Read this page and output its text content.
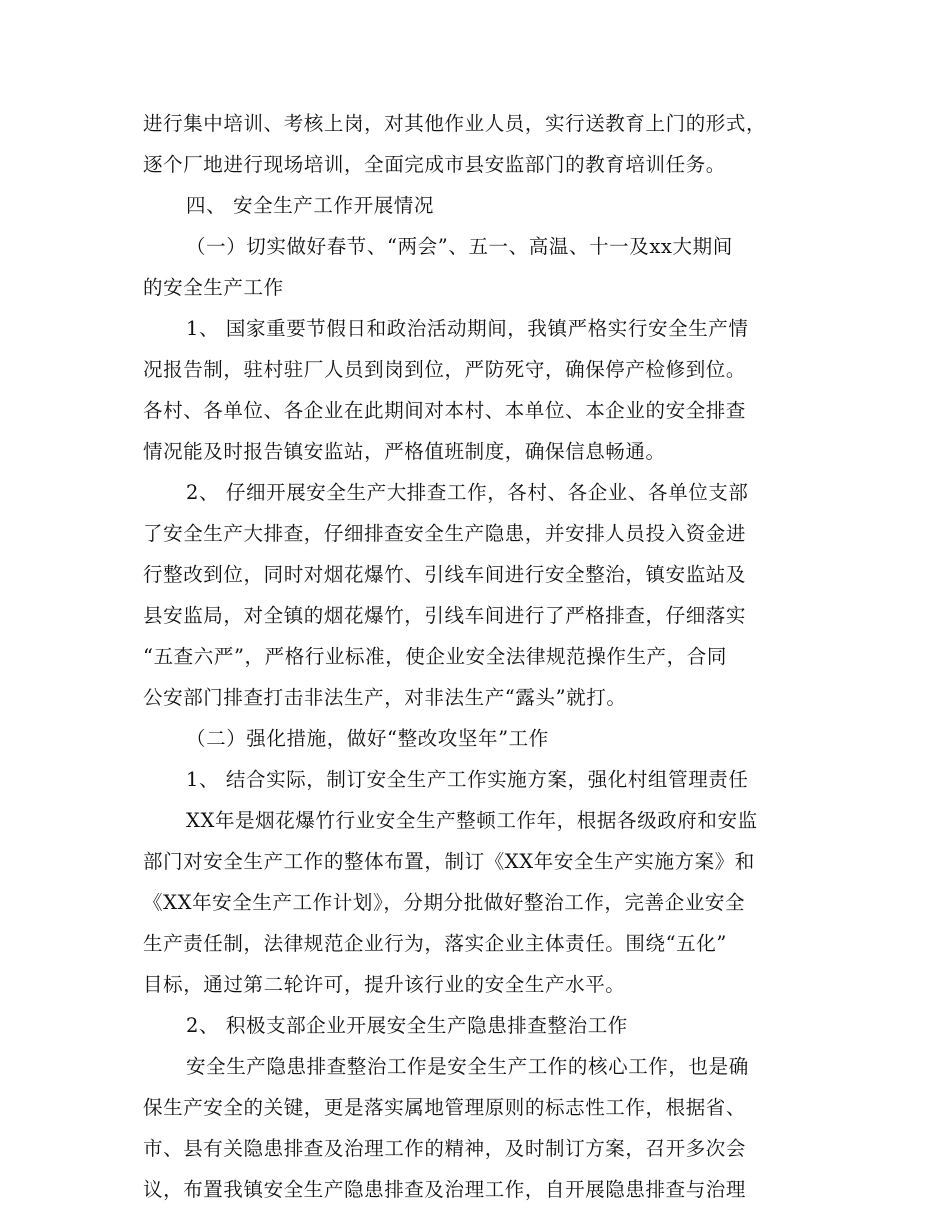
进行集中培训、考核上岗，对其他作业人员，实行送教育上门的形式，
逐个厂地进行现场培训，全面完成市县安监部门的教育培训任务。
四、 安全生产工作开展情况
（一）切实做好春节、“两会”、五一、高温、十一及xx大期间
的安全生产工作
1、 国家重要节假日和政治活动期间，我镇严格实行安全生产情
况报告制，驻村驻厂人员到岗到位，严防死守，确保停产检修到位。
各村、各单位、各企业在此期间对本村、本单位、本企业的安全排查
情况能及时报告镇安监站，严格值班制度，确保信息畅通。
2、 仔细开展安全生产大排查工作，各村、各企业、各单位支部
了安全生产大排查，仔细排查安全生产隐患，并安排人员投入资金进
行整改到位，同时对烟花爆竹、引线车间进行安全整治，镇安监站及
县安监局，对全镇的烟花爆竹，引线车间进行了严格排查，仔细落实
“五查六严”，严格行业标准，使企业安全法律规范操作生产，合同
公安部门排查打击非法生产，对非法生产“露头”就打。
（二）强化措施，做好“整改攻坚年”工作
1、 结合实际，制订安全生产工作实施方案，强化村组管理责任
XX年是烟花爆竹行业安全生产整顿工作年，根据各级政府和安监
部门对安全生产工作的整体布置，制订《XX年安全生产实施方案》和
《XX年安全生产工作计划》，分期分批做好整治工作，完善企业安全
生产责任制，法律规范企业行为，落实企业主体责任。围绕“五化”
目标，通过第二轮许可，提升该行业的安全生产水平。
2、 积极支部企业开展安全生产隐患排查整治工作
安全生产隐患排查整治工作是安全生产工作的核心工作，也是确
保生产安全的关键，更是落实属地管理原则的标志性工作，根据省、
市、县有关隐患排查及治理工作的精神，及时制订方案，召开多次会
议，布置我镇安全生产隐患排查及治理工作，自开展隐患排查与治理
